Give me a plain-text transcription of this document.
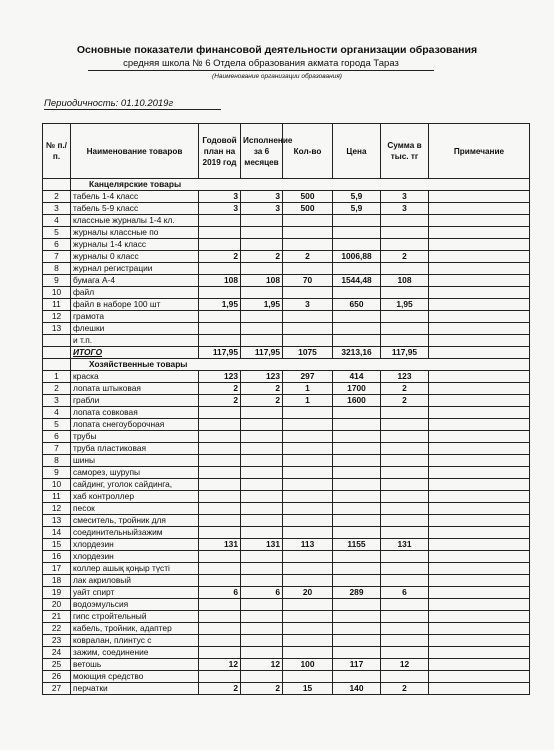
Основные показатели финансовой деятельности организации образования
средняя школа № 6 Отдела образования акмата города Тараз
(Наименование организации образования)
Периодичность: 01.10.2019г
№ п./п.	Наименование товаров	Годовой план на 2019 год	Исполнение за 6 месяцев	Кол-во	Цена	Сумма в тыс. тг	Примечание
	Канцелярские товары						
2	табель 1-4 класс	3	3	500	5,9	3	
3	табель 5-9 класс	3	3	500	5,9	3	
4	классные журналы 1-4 кл.						
5	журналы классные по						
6	журналы 1-4 класс						
7	журналы 0 класс	2	2	2	1006,88	2	
8	журнал регистрации						
9	бумага А-4	108	108	70	1544,48	108	
10	файл						
11	файл в наборе 100 шт	1,95	1,95	3	650	1,95	
12	грамота						
13	флешки						
	и т.п.						
	ИТОГО	117,95	117,95	1075	3213,16	117,95	
	Хозяйственные товары						
1	краска	123	123	297	414	123	
2	лопата штыковая	2	2	1	1700	2	
3	грабли	2	2	1	1600	2	
4	лопата совковая						
5	лопата снегоуборочная						
6	трубы						
7	труба пластиковая						
8	шины						
9	саморез, шурупы						
10	сайдинг, уголок сайдинга,						
11	хаб контроллер						
12	песок						
13	смеситель, тройник для						
14	соединительныйзажим						
15	хлордезин	131	131	113	1155	131	
16	хлордезин						
17	коллер ашық қоңыр түсті						
18	лак акриловый						
19	уайт спирт	6	6	20	289	6	
20	водоэмульсия						
21	гипс стройтельный						
22	кабель, тройник, адаптер						
23	ковралан, плинтус с						
24	зажим, соединение						
25	ветошь	12	12	100	117	12	
26	моющия средство						
27	перчатки	2	2	15	140	2	
